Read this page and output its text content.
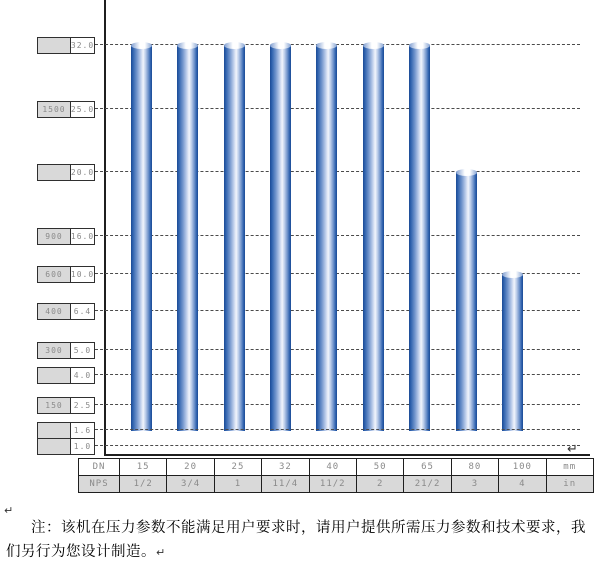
32.0
1500 25.0
20.0
900	16.0
600	10.0
400	6.4
300	5.0
4.0
150	2.5
1.6
1.0
DN	15	20	25	32	40	50	65	80	100	mm
NPS	1/2	3/4	1	11/4	11/2	2	21/2	3	4	in
↵
↵
注：该机在压力参数不能满足用户要求时，请用户提供所需压力参数和技术要求，我
们另行为您设计制造。↵
